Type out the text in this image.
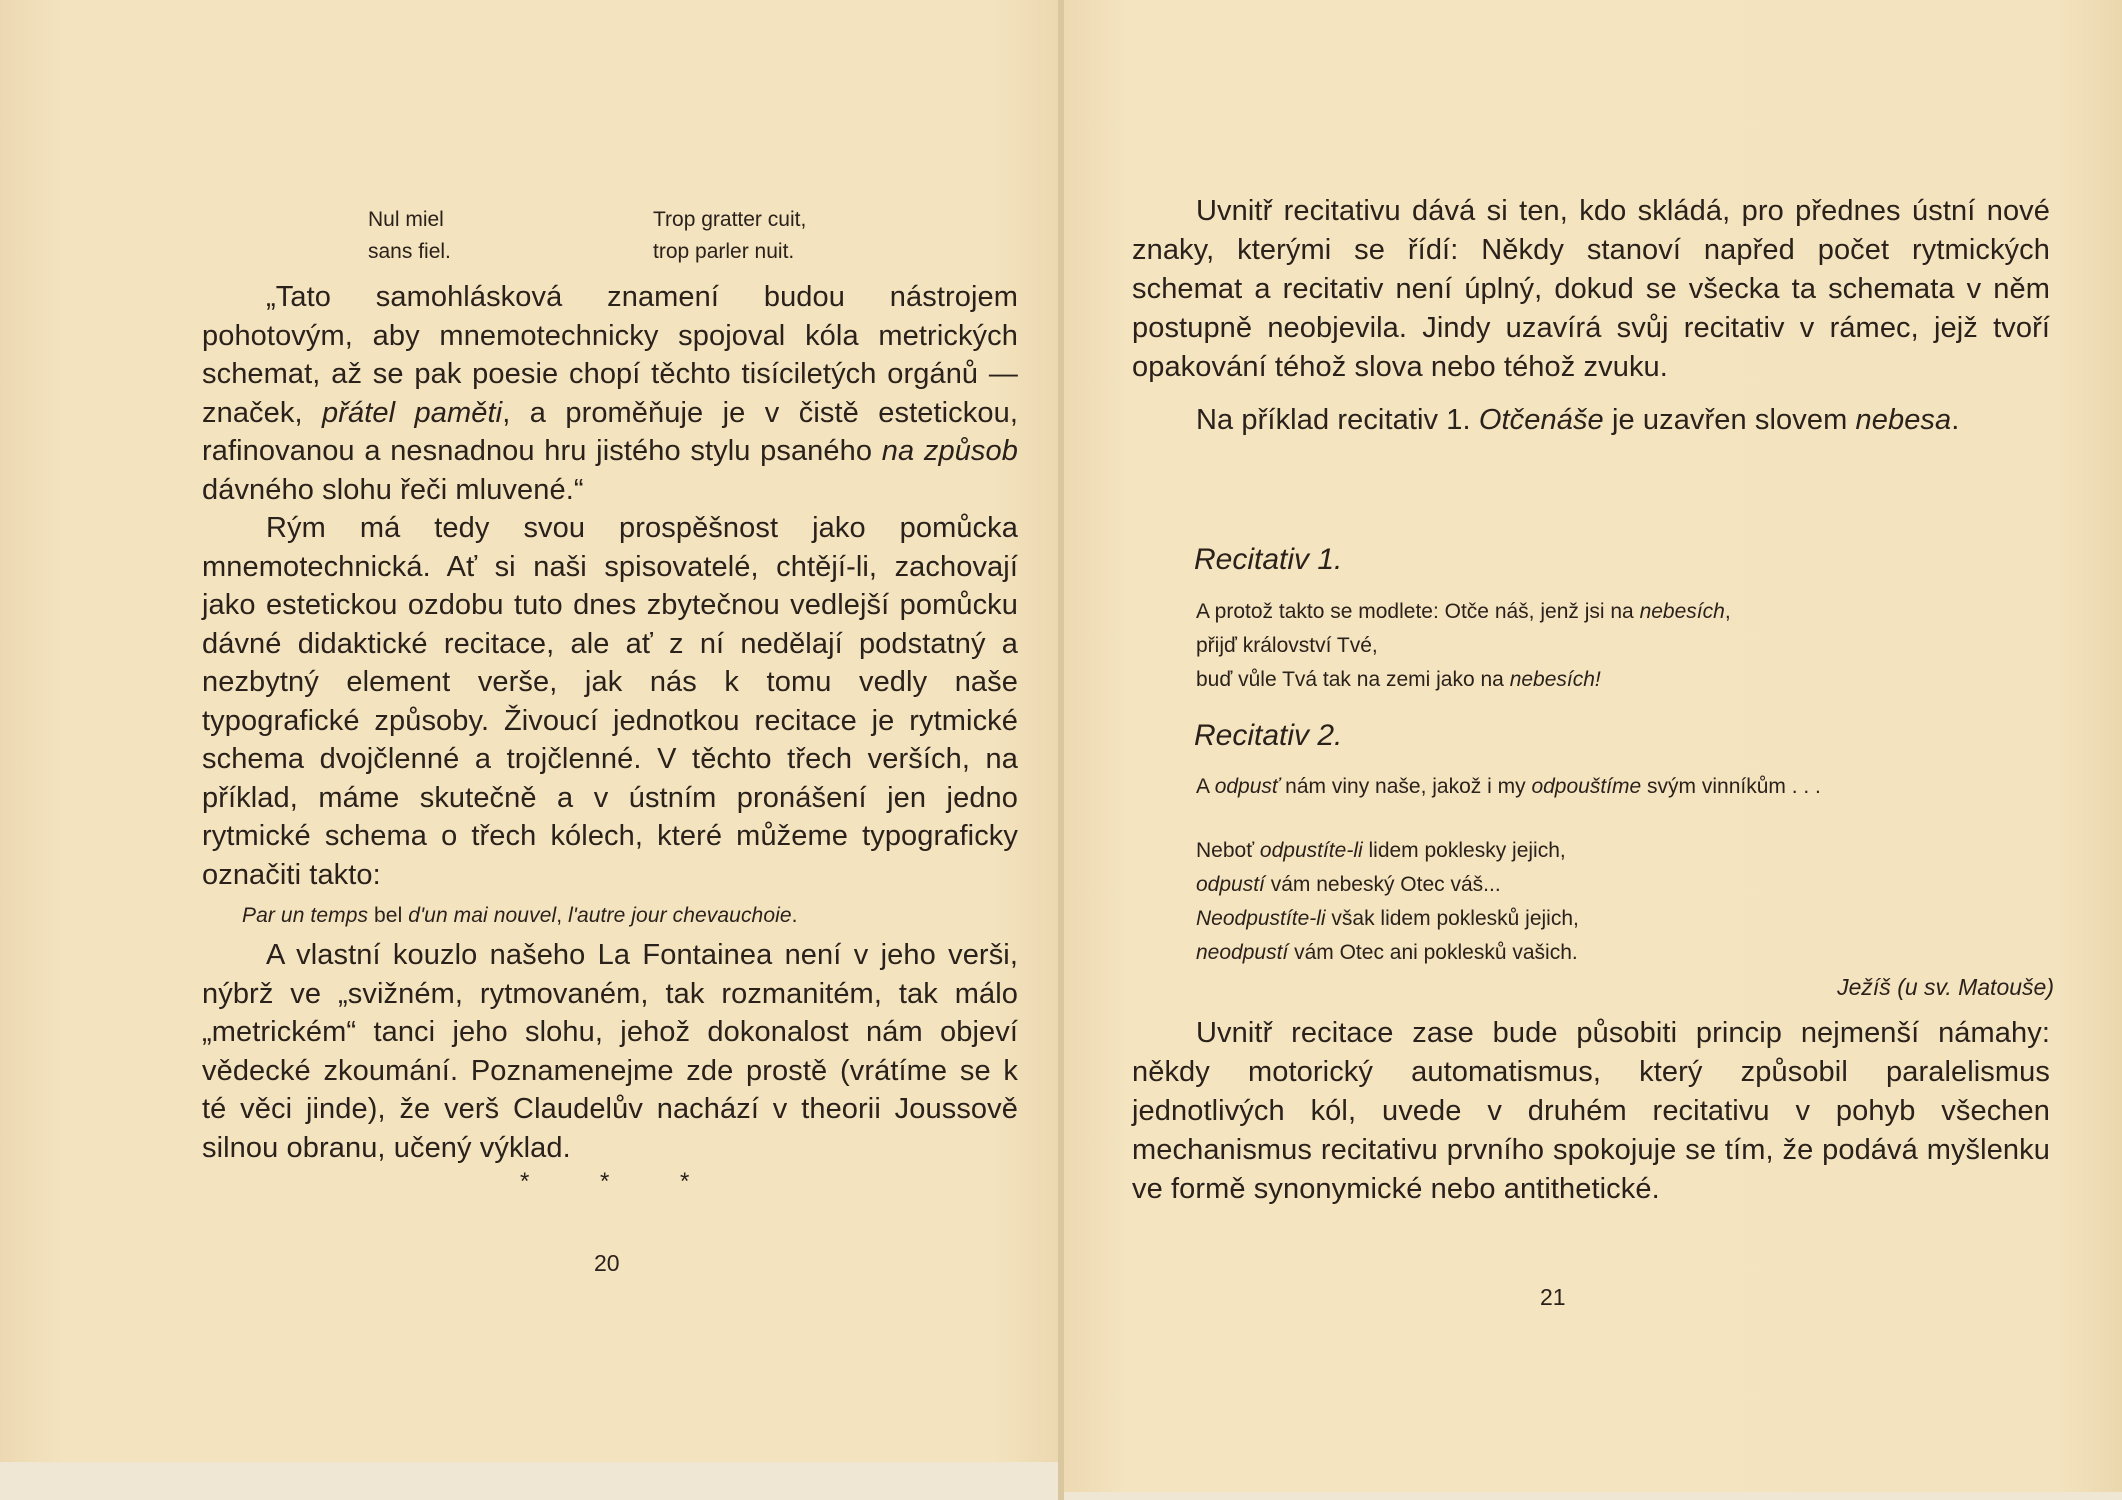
Nul miel
sans fiel.
Trop gratter cuit,
trop parler nuit.

„Tato samohlásková znamení budou nástrojem pohotovým, aby mnemotechnicky spojoval kóla metrických schemat, až se pak poesie chopí těchto tisíciletých orgánů — značek, přátel paměti, a proměňuje je v čistě estetickou, rafinovanou a nesnadnou hru jistého stylu psaného na způsob dávného slohu řeči mluvené.“

Rým má tedy svou prospěšnost jako pomůcka mnemotechnická. Ať si naši spisovatelé, chtějí-li, zachovají jako estetickou ozdobu tuto dnes zbytečnou vedlejší pomůcku dávné didaktické recitace, ale ať z ní nedělají podstatný a nezbytný element verše, jak nás k tomu vedly naše typografické způsoby. Živoucí jednotkou recitace je rytmické schema dvojčlenné a trojčlenné. V těchto třech verších, na příklad, máme skutečně a v ústním pronášení jen jedno rytmické schema o třech kólech, které můžeme typograficky označiti takto:

Par un temps bel d'un mai nouvel, l'autre jour chevauchoie.

A vlastní kouzlo našeho La Fontainea není v jeho verši, nýbrž ve „svižném, rytmovaném, tak rozmanitém, tak málo „metrickém“ tanci jeho slohu, jehož dokonalost nám objeví vědecké zkoumání. Poznamenejme zde prostě (vrátíme se k té věci jinde), že verš Claudelův nachází v theorii Joussově silnou obranu, učený výklad.

*	*	*
20

Uvnitř recitativu dává si ten, kdo skládá, pro přednes ústní nové znaky, kterými se řídí: Někdy stanoví napřed počet rytmických schemat a recitativ není úplný, dokud se všecka ta schemata v něm postupně neobjevila. Jindy uzavírá svůj recitativ v rámec, jejž tvoří opakování téhož slova nebo téhož zvuku.

Na příklad recitativ 1. Otčenáše je uzavřen slovem nebesa.

Recitativ 1.
A protož takto se modlete: Otče náš, jenž jsi na nebesích,
přijď království Tvé,
buď vůle Tvá tak na zemi jako na nebesích!
Recitativ 2.
A odpusť nám viny naše, jakož i my odpouštíme svým vinníkům . . .
Neboť odpustíte-li lidem poklesky jejich,
odpustí vám nebeský Otec váš...
Neodpustíte-li však lidem poklesků jejich,
neodpustí vám Otec ani poklesků vašich.
Ježíš (u sv. Matouše)

Uvnitř recitace zase bude působiti princip nejmenší námahy: někdy motorický automatismus, který způsobil paralelismus jednotlivých kól, uvede v druhém recitativu v pohyb všechen mechanismus recitativu prvního spokojuje se tím, že podává myšlenku ve formě synonymické nebo antithetické.

21
